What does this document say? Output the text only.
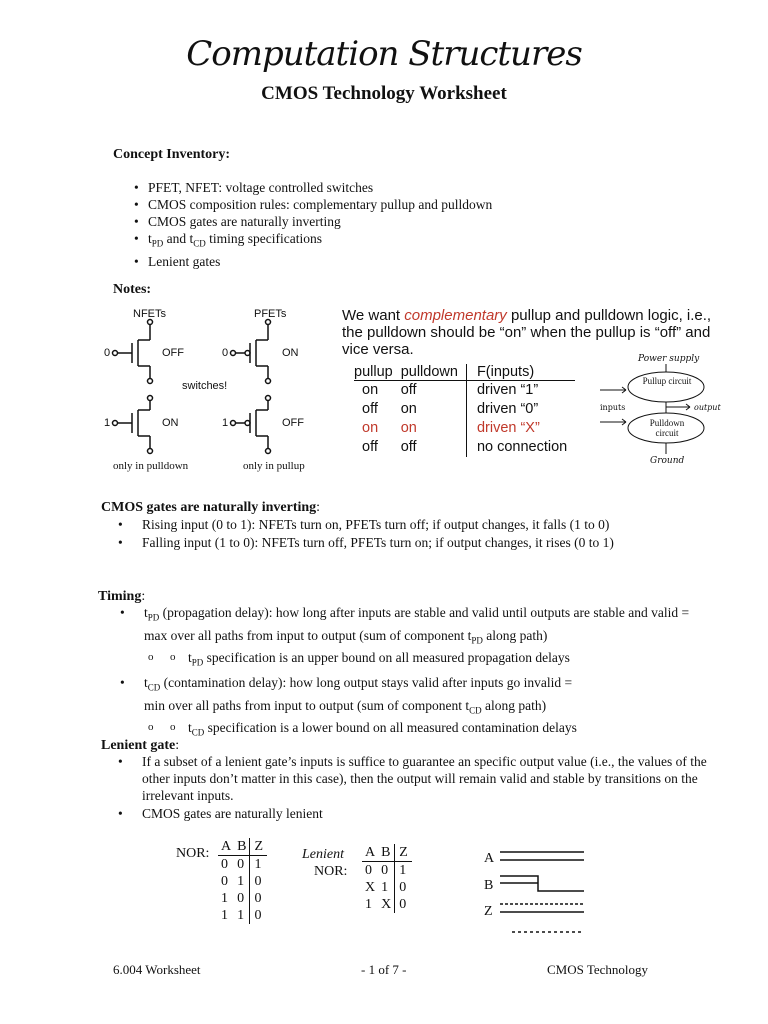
Computation Structures
CMOS Technology Worksheet
Concept Inventory:
• PFET, NFET: voltage controlled switches
• CMOS composition rules: complementary pullup and pulldown
• CMOS gates are naturally inverting
• $t_{PD}$ and $t_{CD}$ timing specifications
• Lenient gates
Notes:
NFETs	PFETs
0	OFF	0	ON
switches!
1	ON	1	OFF
only in pulldown	only in pullup
We want complementary pullup and pulldown logic, i.e., the pulldown should be “on” when the pullup is “off” and vice versa.
pullup	pulldown	F(inputs)
on	off	driven “1”
off	on	driven “0”
on	on	driven “X”
off	off	no connection
Power supply
inputs	output
Ground
Pullup circuit
Pulldown circuit
CMOS gates are naturally inverting:
• Rising input (0 to 1): NFETs turn on, PFETs turn off; if output changes, it falls (1 to 0)
• Falling input (1 to 0): NFETs turn off, PFETs turn on; if output changes, it rises (0 to 1)
Timing:
• $t_{PD}$ (propagation delay): how long after inputs are stable and valid until outputs are stable and valid =
max over all paths from input to output (sum of component $t_{PD}$ along path)
o o $t_{PD}$ specification is an upper bound on all measured propagation delays
• $t_{CD}$ (contamination delay): how long output stays valid after inputs go invalid =
min over all paths from input to output (sum of component $t_{CD}$ along path)
o o $t_{CD}$ specification is a lower bound on all measured contamination delays
Lenient gate:
• If a subset of a lenient gate’s inputs is suffice to guarantee an specific output value (i.e., the values of the other inputs don’t matter in this case), then the output will remain valid and stable by transitions on the irrelevant inputs.
• CMOS gates are naturally lenient
NOR: A	B	Z
0	0	1
0	1	0
1	0	0
1	1	0
Lenient
NOR:
A	B	Z
0	0	1
X	1	0
1	X	0
A
B
Z
6.004 Worksheet	- 1 of 7 -	CMOS Technology
